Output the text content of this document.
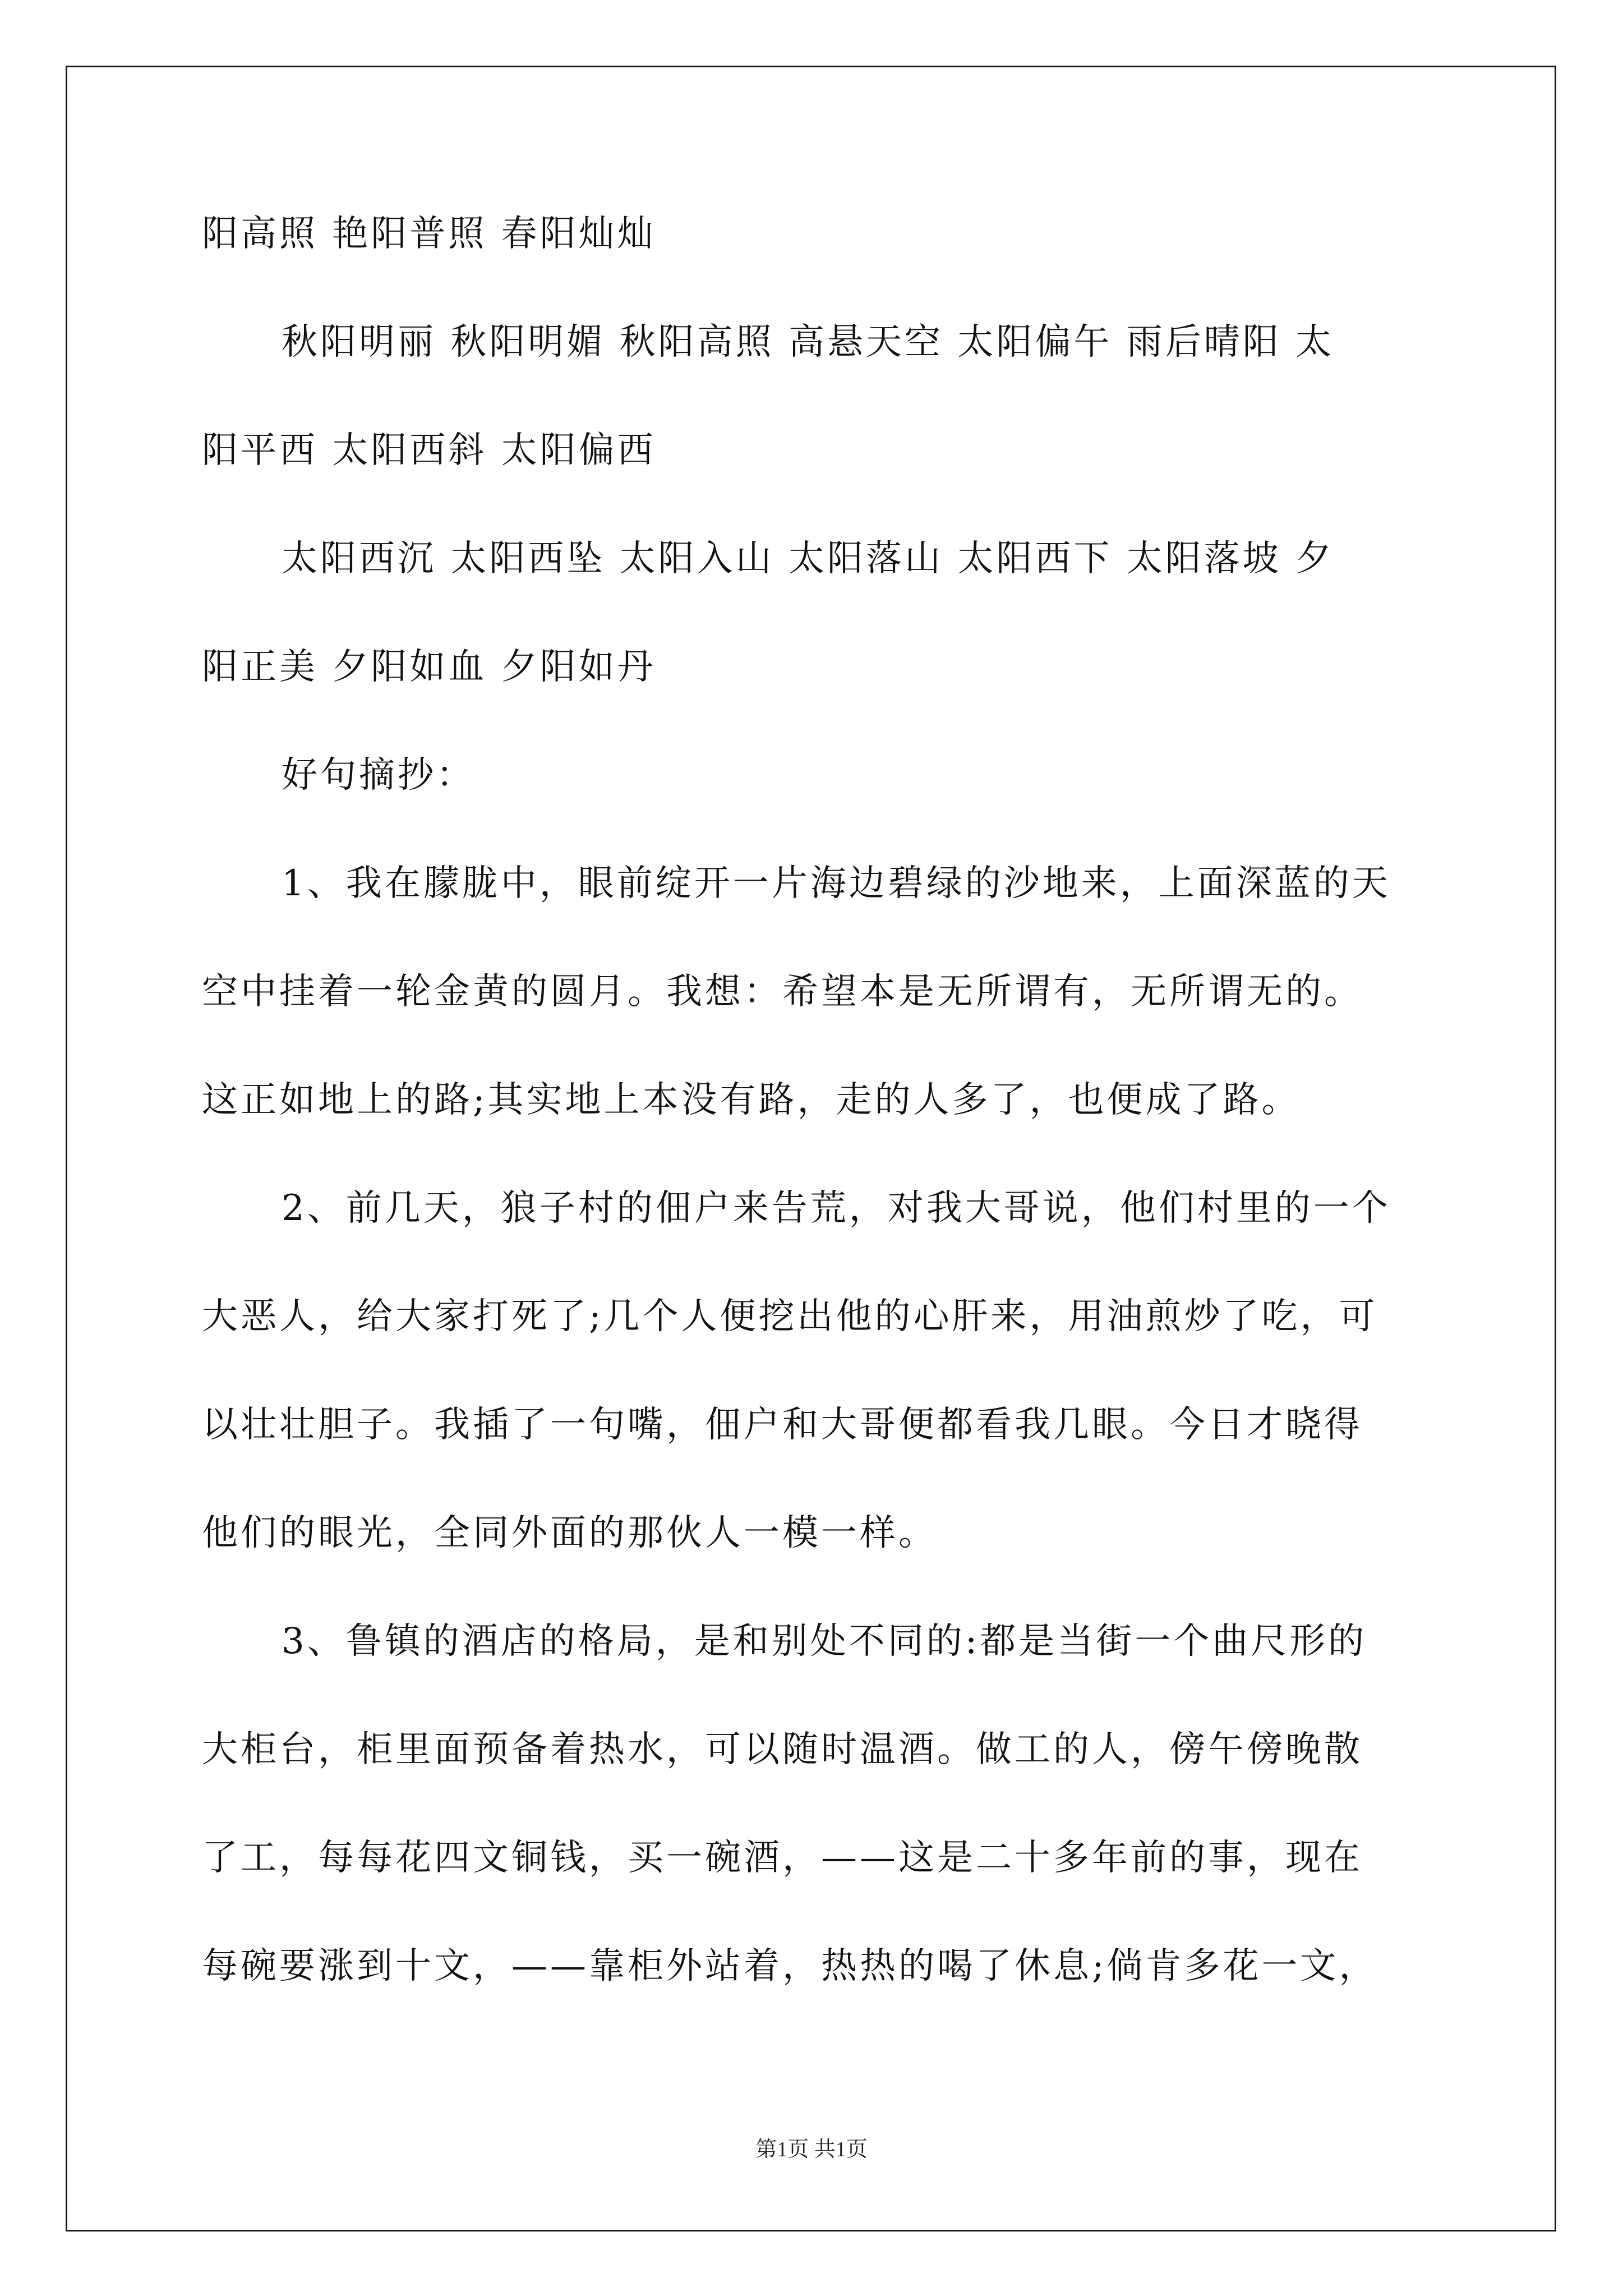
阳高照 艳阳普照 春阳灿灿
秋阳明丽 秋阳明媚 秋阳高照 高悬天空 太阳偏午 雨后晴阳 太
阳平西 太阳西斜 太阳偏西
太阳西沉 太阳西坠 太阳入山 太阳落山 太阳西下 太阳落坡 夕
阳正美 夕阳如血 夕阳如丹
好句摘抄：
1、我在朦胧中，眼前绽开一片海边碧绿的沙地来，上面深蓝的天
空中挂着一轮金黄的圆月。我想：希望本是无所谓有，无所谓无的。
这正如地上的路;其实地上本没有路，走的人多了，也便成了路。
2、前几天，狼子村的佃户来告荒，对我大哥说，他们村里的一个
大恶人，给大家打死了;几个人便挖出他的心肝来，用油煎炒了吃，可
以壮壮胆子。我插了一句嘴，佃户和大哥便都看我几眼。今日才晓得
他们的眼光，全同外面的那伙人一模一样。
3、鲁镇的酒店的格局，是和别处不同的:都是当街一个曲尺形的
大柜台，柜里面预备着热水，可以随时温酒。做工的人，傍午傍晚散
了工，每每花四文铜钱，买一碗酒，——这是二十多年前的事，现在
每碗要涨到十文，——靠柜外站着，热热的喝了休息;倘肯多花一文，
第1页 共1页
